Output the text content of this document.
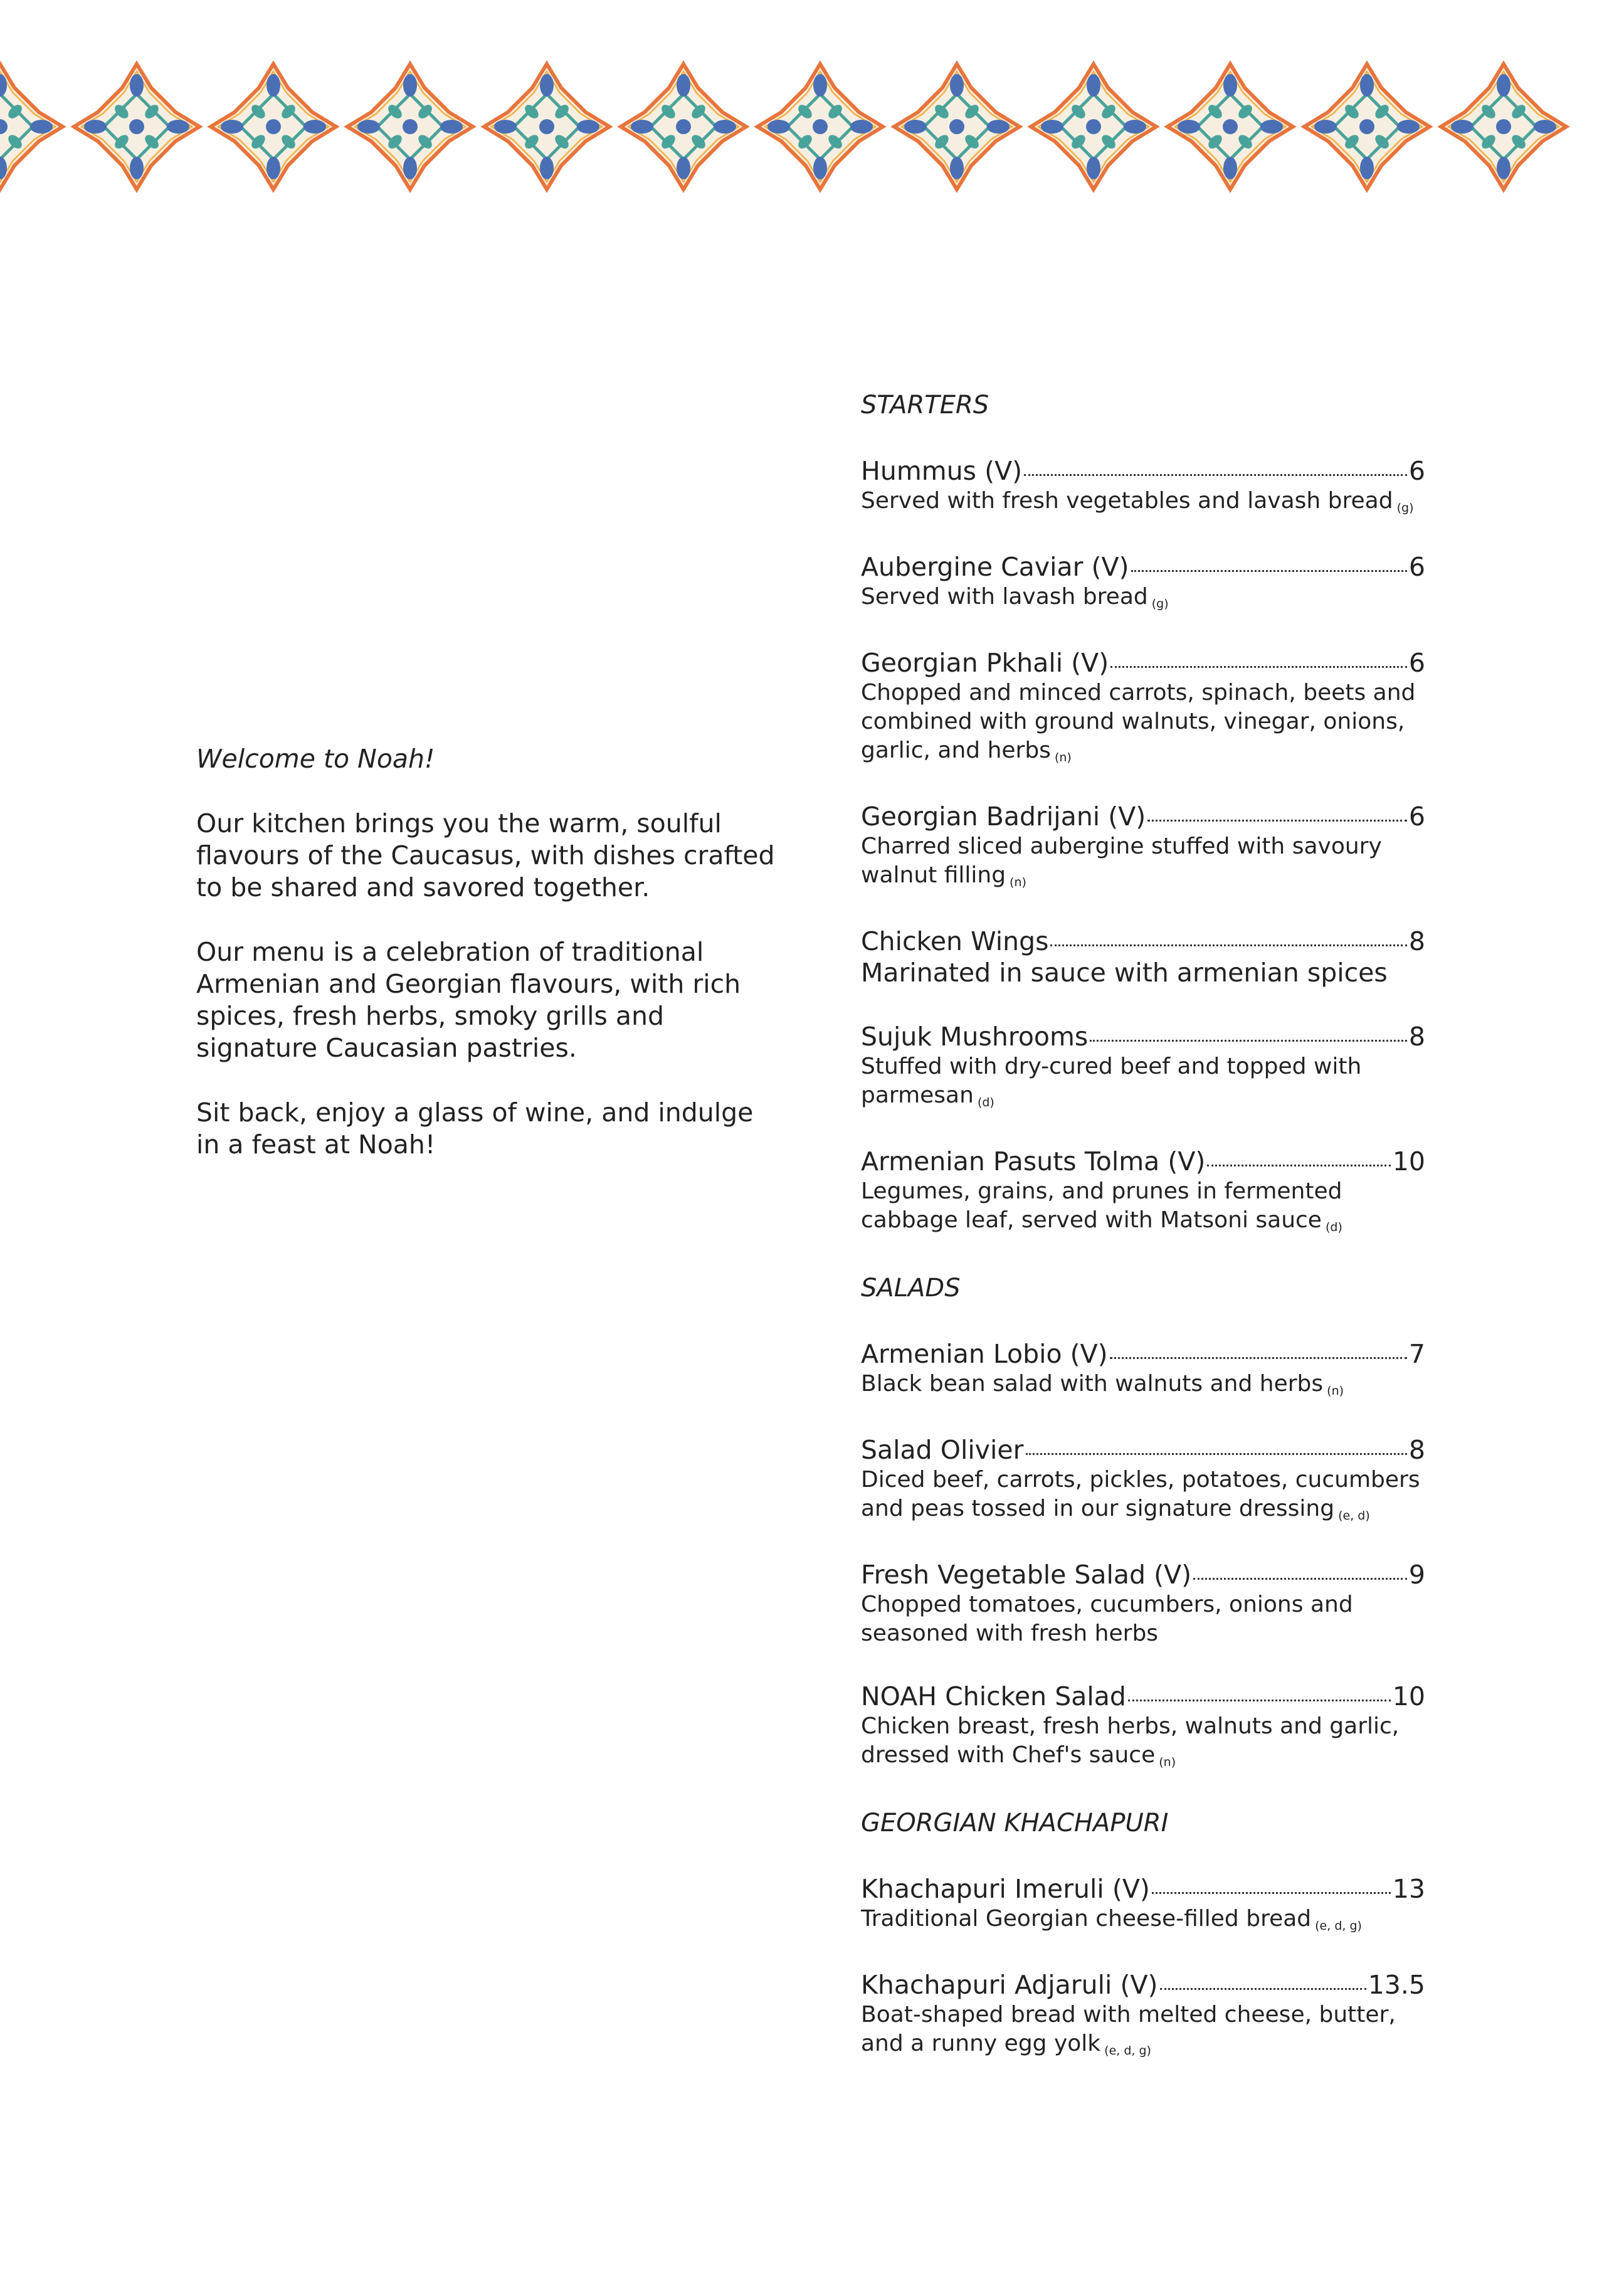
Welcome to Noah!

Our kitchen brings you the warm, soulful flavours of the Caucasus, with dishes crafted to be shared and savored together.

Our menu is a celebration of traditional Armenian and Georgian flavours, with rich spices, fresh herbs, smoky grills and signature Caucasian pastries.

Sit back, enjoy a glass of wine, and indulge in a feast at Noah!

STARTERS
Hummus (V)	6
Served with fresh vegetables and lavash bread (g)
Aubergine Caviar (V)	6
Served with lavash bread (g)
Georgian Pkhali (V)	6
Chopped and minced carrots, spinach, beets and combined with ground walnuts, vinegar, onions, garlic, and herbs (n)
Georgian Badrijani (V)	6
Charred sliced aubergine stuffed with savoury walnut filling (n)
Chicken Wings	8
Marinated in sauce with armenian spices
Sujuk Mushrooms	8
Stuffed with dry-cured beef and topped with parmesan (d)
Armenian Pasuts Tolma (V)	10
Legumes, grains, and prunes in fermented cabbage leaf, served with Matsoni sauce (d)
SALADS
Armenian Lobio (V)	7
Black bean salad with walnuts and herbs (n)
Salad Olivier	8
Diced beef, carrots, pickles, potatoes, cucumbers and peas tossed in our signature dressing (e, d)
Fresh Vegetable Salad (V)	9
Chopped tomatoes, cucumbers, onions and seasoned with fresh herbs
NOAH Chicken Salad	10
Chicken breast, fresh herbs, walnuts and garlic, dressed with Chef's sauce (n)
GEORGIAN KHACHAPURI
Khachapuri Imeruli (V)	13
Traditional Georgian cheese-filled bread (e, d, g)
Khachapuri Adjaruli (V)	13.5
Boat-shaped bread with melted cheese, butter, and a runny egg yolk (e, d, g)
